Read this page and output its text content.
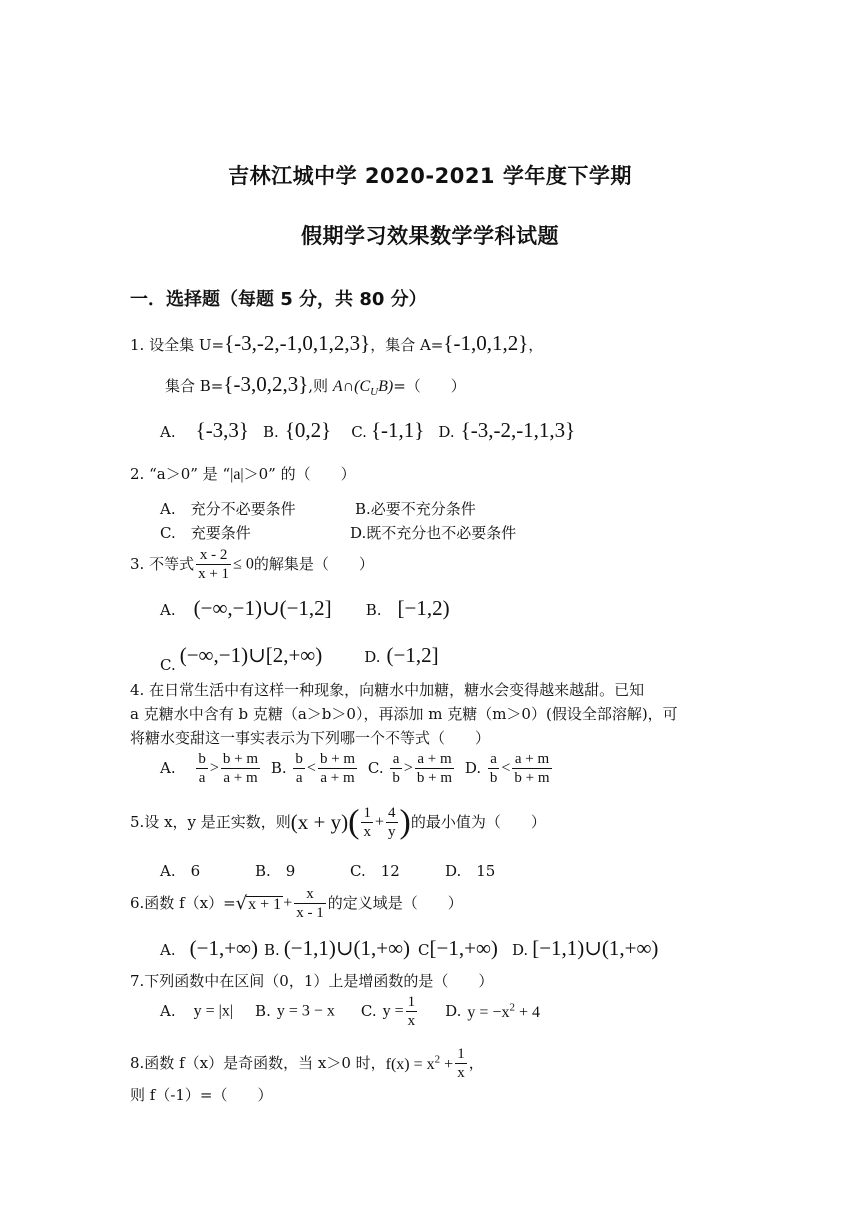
吉林江城中学 2020-2021 学年度下学期
假期学习效果数学学科试题
一．选择题（每题 5 分，共 80 分）
1. 设全集 U={-3,-2,-1,0,1,2,3}，集合 A={-1,0,1,2}，
集合 B={-3,0,2,3},则 $A\cap(C_UB)=$（　　）
A. {-3,3} B. {0,2} C. {-1,1} D. {-3,-2,-1,1,3}
2. “a＞0” 是 “|a|＞0” 的（　　）
A.　充分不必要条件	B.必要不充分条件
C.　充要条件	D.既不充分也不必要条件
3. 不等式 $\frac{x - 2}{x + 1} \le 0$的解集是（　　）
A. (−∞,−1)∪(−1,2] B. [−1,2)
C. (−∞,−1)∪[2,+∞)	D. (−1,2]
4. 在日常生活中有这样一种现象，向糖水中加糖，糖水会变得越来越甜。已知
a 克糖水中含有 b 克糖（a＞b＞0），再添加 m 克糖（m＞0）(假设全部溶解)，可
将糖水变甜这一事实表示为下列哪一个不等式（　　）
A. $\frac{b}{a} > \frac{b + m}{a + m} B$. $\frac{b}{a} < \frac{b + m}{a + m} C$. $\frac{a}{b} > \frac{a + m}{b + m} D$. $\frac{a}{b} < \frac{a + m}{b + m}$
5.设 x，y 是正实数，则$(x + y)( \frac{1}{x} + \frac{4}{y}$ )的最小值为（　　）
A.　6	B.　9	C.　12	D.　15
6.函数 $f(x)=√x + 1 + \frac{x}{x - 1}$ 的定义域是（　　）
A. (−1,+∞) B. (−1,1)∪(1,+∞) C[−1,+∞) D. [−1,1)∪(1,+∞)
7.下列函数中在区间（0，1）上是增函数的是（　　）
A. y = |x| B. y = 3 − x C. $y = \frac{1}{x} D$. $y = -x^2 + 4$
8.函数 f（x）是奇函数，当 x＞0 时，$f(x) = x^2 + \frac{1}{x}$ ，
则 f（-1）=（　　）
